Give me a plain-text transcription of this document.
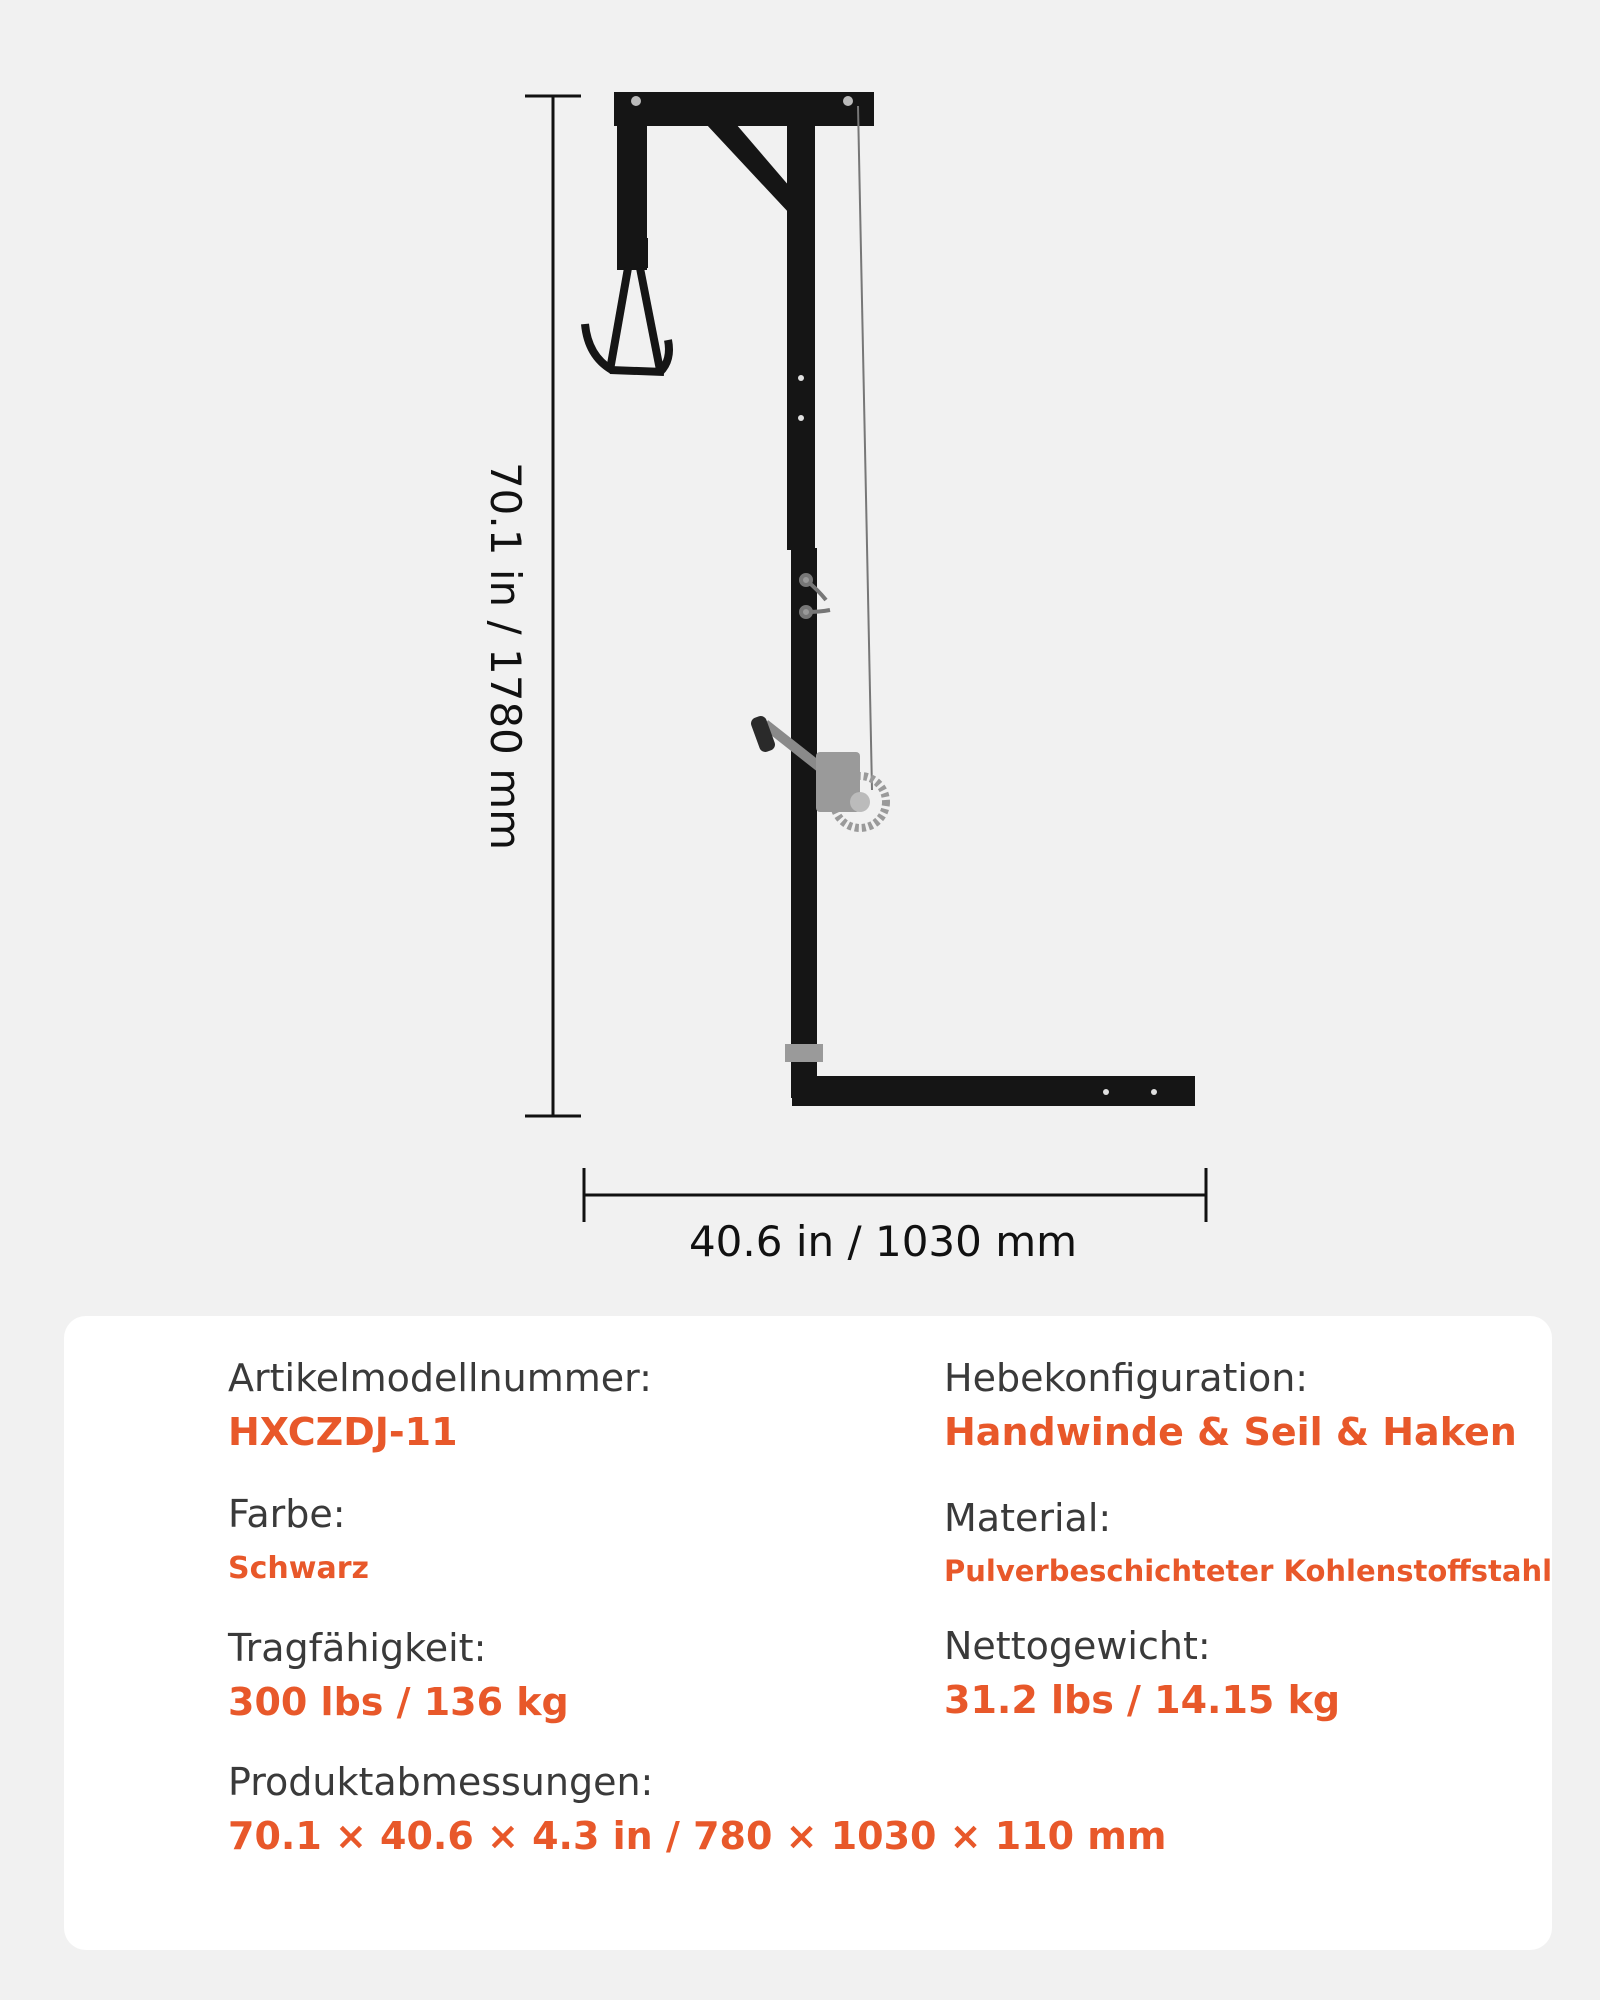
70.1 in / 1780 mm
40.6 in / 1030 mm
Artikelmodellnummer:
HXCZDJ-11
Hebekonfiguration:
Handwinde & Seil & Haken
Farbe:
Schwarz
Material:
Pulverbeschichteter Kohlenstoffstahl
Tragfähigkeit:
300 lbs / 136 kg
Nettogewicht:
31.2 lbs / 14.15 kg
Produktabmessungen:
70.1 × 40.6 × 4.3 in / 780 × 1030 × 110 mm
